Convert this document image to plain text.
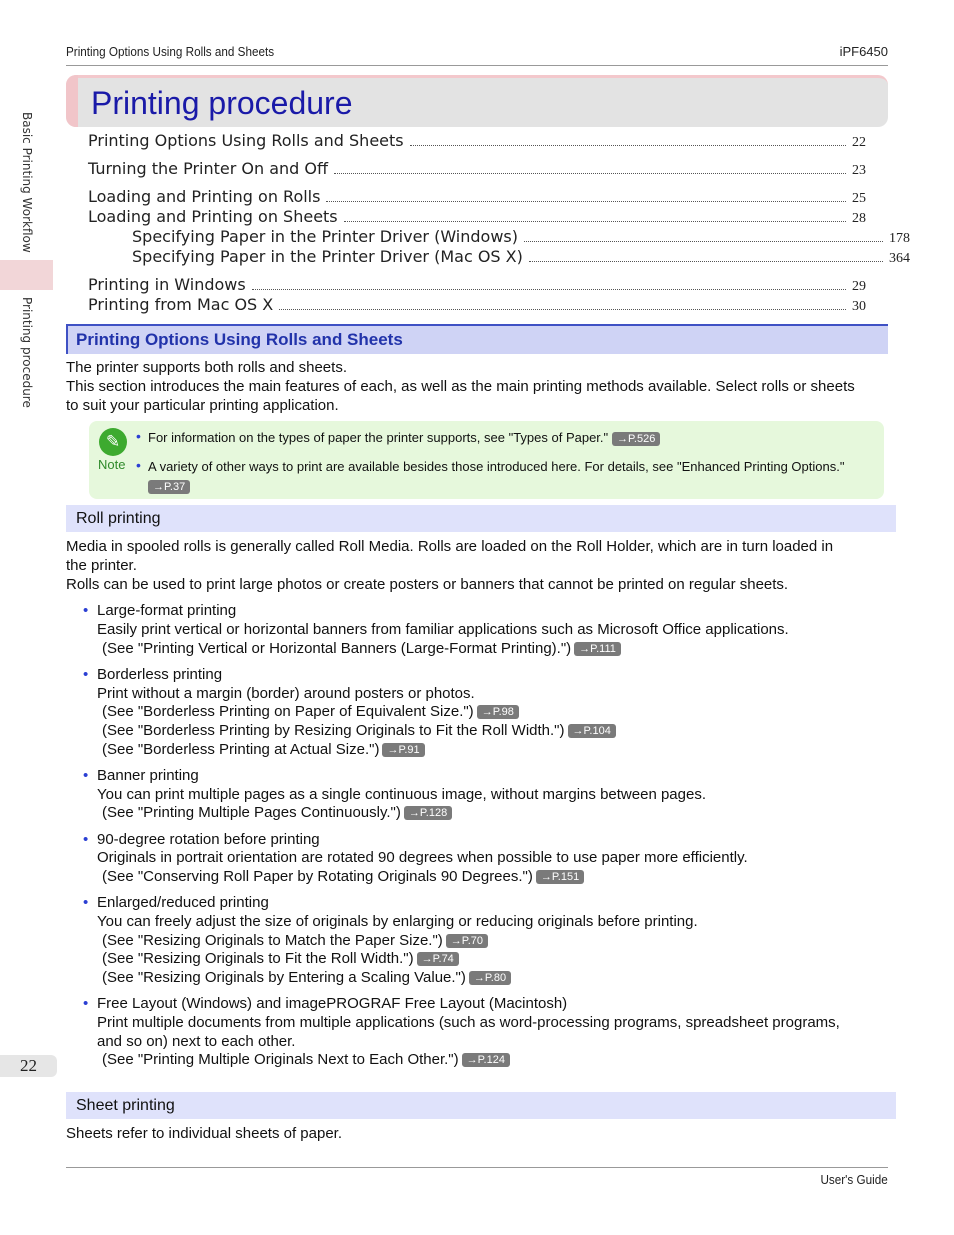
Printing Options Using Rolls and Sheets	iPF6450
Basic Printing Workflow
Printing procedure
22
Printing procedure
Printing Options Using Rolls and Sheets	22
Turning the Printer On and Off	23
Loading and Printing on Rolls	25
Loading and Printing on Sheets	28
Specifying Paper in the Printer Driver (Windows)	178
Specifying Paper in the Printer Driver (Mac OS X)	364
Printing in Windows	29
Printing from Mac OS X	30
Printing Options Using Rolls and Sheets
The printer supports both rolls and sheets.
This section introduces the main features of each, as well as the main printing methods available. Select rolls or sheets
to suit your particular printing application.
✎
Note
• For information on the types of paper the printer supports, see "Types of Paper." →P.526
• A variety of other ways to print are available besides those introduced here. For details, see "Enhanced Printing Options."
→P.37
Roll printing
Media in spooled rolls is generally called Roll Media. Rolls are loaded on the Roll Holder, which are in turn loaded in
the printer.
Rolls can be used to print large photos or create posters or banners that cannot be printed on regular sheets.
• Large-format printing
Easily print vertical or horizontal banners from familiar applications such as Microsoft Office applications.
(See "Printing Vertical or Horizontal Banners (Large-Format Printing).") →P.111
• Borderless printing
Print without a margin (border) around posters or photos.
(See "Borderless Printing on Paper of Equivalent Size.") →P.98
(See "Borderless Printing by Resizing Originals to Fit the Roll Width.") →P.104
(See "Borderless Printing at Actual Size.") →P.91
• Banner printing
You can print multiple pages as a single continuous image, without margins between pages.
(See "Printing Multiple Pages Continuously.") →P.128
• 90-degree rotation before printing
Originals in portrait orientation are rotated 90 degrees when possible to use paper more efficiently.
(See "Conserving Roll Paper by Rotating Originals 90 Degrees.") →P.151
• Enlarged/reduced printing
You can freely adjust the size of originals by enlarging or reducing originals before printing.
(See "Resizing Originals to Match the Paper Size.") →P.70
(See "Resizing Originals to Fit the Roll Width.") →P.74
(See "Resizing Originals by Entering a Scaling Value.") →P.80
• Free Layout (Windows) and imagePROGRAF Free Layout (Macintosh)
Print multiple documents from multiple applications (such as word-processing programs, spreadsheet programs,
and so on) next to each other.
(See "Printing Multiple Originals Next to Each Other.") →P.124
Sheet printing
Sheets refer to individual sheets of paper.
User's Guide
